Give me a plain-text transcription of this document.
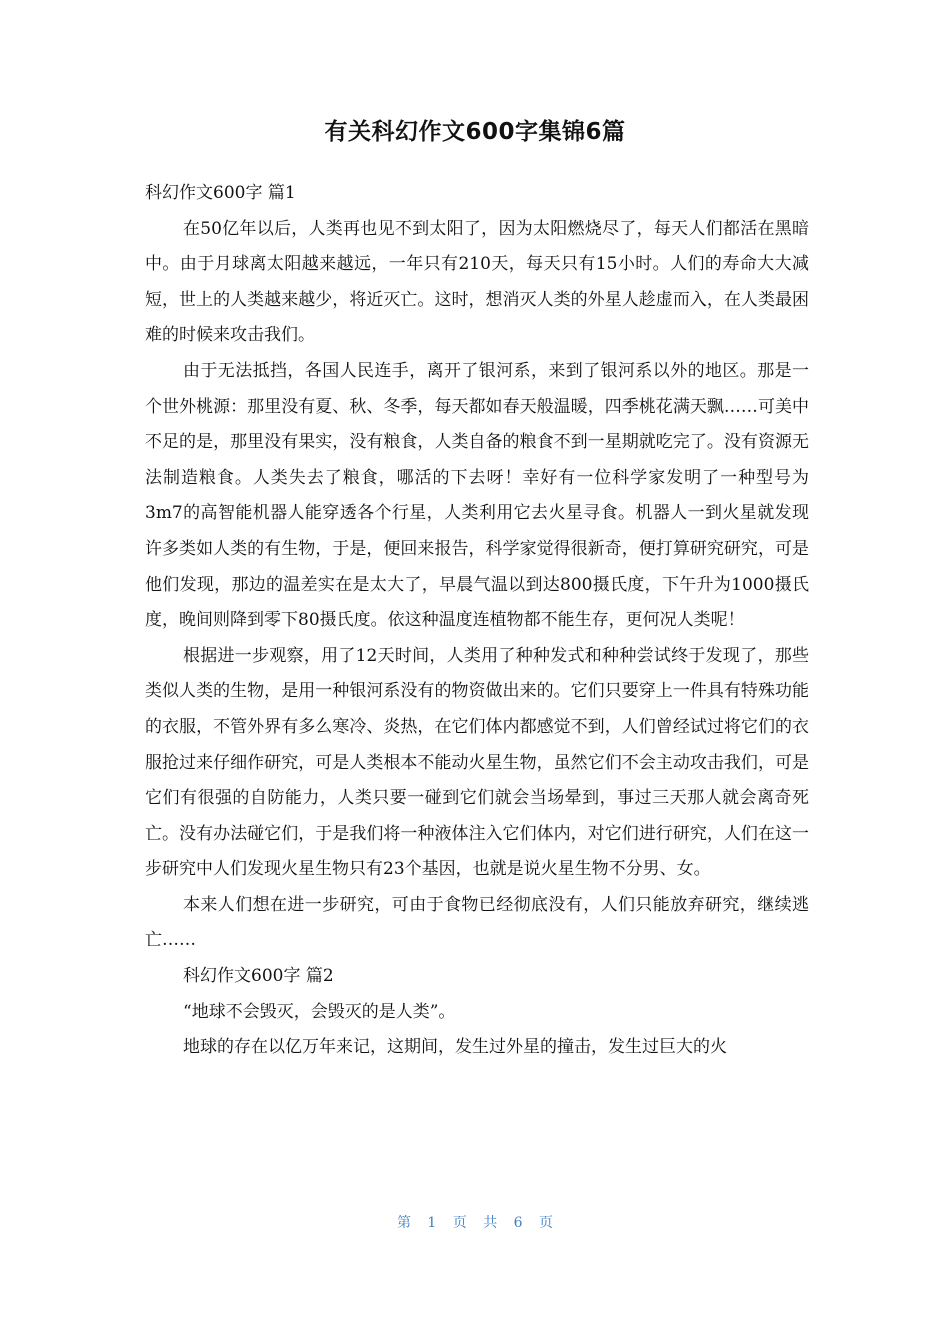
有关科幻作文600字集锦6篇

科幻作文600字 篇1

在50亿年以后，人类再也见不到太阳了，因为太阳燃烧尽了，每天人们都活在黑暗中。由于月球离太阳越来越远，一年只有210天，每天只有15小时。人们的寿命大大减短，世上的人类越来越少，将近灭亡。这时，想消灭人类的外星人趁虚而入，在人类最困难的时候来攻击我们。

由于无法抵挡，各国人民连手，离开了银河系，来到了银河系以外的地区。那是一个世外桃源：那里没有夏、秋、冬季，每天都如春天般温暖，四季桃花满天飘……可美中不足的是，那里没有果实，没有粮食，人类自备的粮食不到一星期就吃完了。没有资源无法制造粮食。人类失去了粮食，哪活的下去呀！幸好有一位科学家发明了一种型号为3m7的高智能机器人能穿透各个行星，人类利用它去火星寻食。机器人一到火星就发现许多类如人类的有生物，于是，便回来报告，科学家觉得很新奇，便打算研究研究，可是他们发现，那边的温差实在是太大了，早晨气温以到达800摄氏度，下午升为1000摄氏度，晚间则降到零下80摄氏度。依这种温度连植物都不能生存，更何况人类呢！

根据进一步观察，用了12天时间，人类用了种种发式和种种尝试终于发现了，那些类似人类的生物，是用一种银河系没有的物资做出来的。它们只要穿上一件具有特殊功能的衣服，不管外界有多么寒冷、炎热，在它们体内都感觉不到，人们曾经试过将它们的衣服抢过来仔细作研究，可是人类根本不能动火星生物，虽然它们不会主动攻击我们，可是它们有很强的自防能力，人类只要一碰到它们就会当场晕到，事过三天那人就会离奇死亡。没有办法碰它们，于是我们将一种液体注入它们体内，对它们进行研究，人们在这一步研究中人们发现火星生物只有23个基因，也就是说火星生物不分男、女。

本来人们想在进一步研究，可由于食物已经彻底没有，人们只能放弃研究，继续逃亡……

科幻作文600字 篇2

“地球不会毁灭，会毁灭的是人类”。

地球的存在以亿万年来记，这期间，发生过外星的撞击，发生过巨大的火

第 1 页 共 6 页
